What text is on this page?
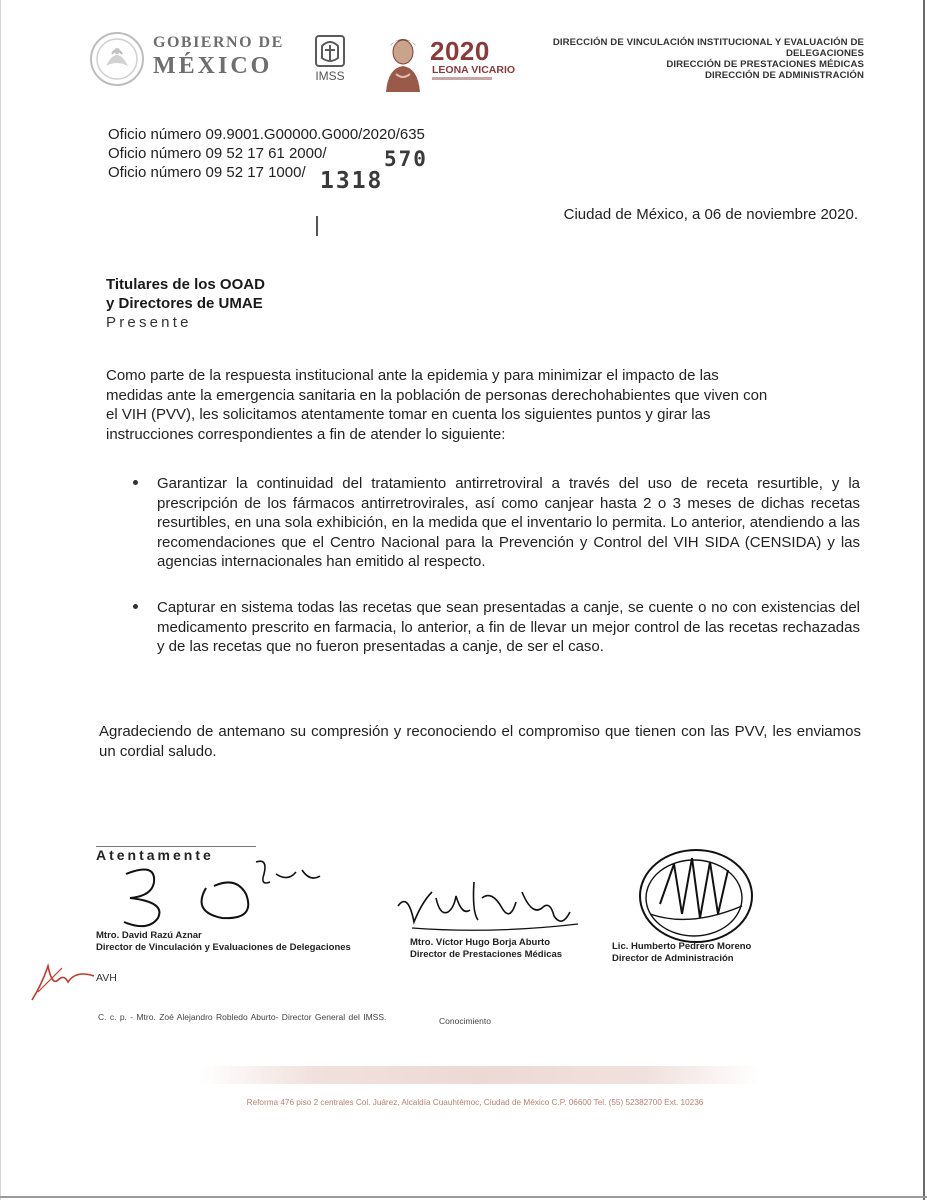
GOBIERNO DE
MÉXICO	IMSS
2020
LEONA VICARIO
DIRECCIÓN DE VINCULACIÓN INSTITUCIONAL Y EVALUACIÓN DE DELEGACIONES
DIRECCIÓN DE PRESTACIONES MÉDICAS
DIRECCIÓN DE ADMINISTRACIÓN
Oficio número 09.9001.G00000.G000/2020/635
Oficio número 09 52 17 61 2000/
Oficio número 09 52 17 1000/
570
1318
Ciudad de México, a 06 de noviembre 2020.
Titulares de los OOAD
y Directores de UMAE
Presente
Como parte de la respuesta institucional ante la epidemia y para minimizar el impacto de las
medidas ante la emergencia sanitaria en la población de personas derechohabientes que viven con
el VIH (PVV), les solicitamos atentamente tomar en cuenta los siguientes puntos y girar las
instrucciones correspondientes a fin de atender lo siguiente:
Garantizar la continuidad del tratamiento antirretroviral a través del uso de receta resurtible, y la prescripción de los fármacos antirretrovirales, así como canjear hasta 2 o 3 meses de dichas recetas resurtibles, en una sola exhibición, en la medida que el inventario lo permita. Lo anterior, atendiendo a las recomendaciones que el Centro Nacional para la Prevención y Control del VIH SIDA (CENSIDA) y las agencias internacionales han emitido al respecto.
Capturar en sistema todas las recetas que sean presentadas a canje, se cuente o no con existencias del medicamento prescrito en farmacia, lo anterior, a fin de llevar un mejor control de las recetas rechazadas y de las recetas que no fueron presentadas a canje, de ser el caso.
Agradeciendo de antemano su compresión y reconociendo el compromiso que tienen con las PVV, les enviamos un cordial saludo.
Atentamente
Mtro. David Razú Aznar
Director de Vinculación y Evaluaciones de Delegaciones	Mtro. Víctor Hugo Borja Aburto
Director de Prestaciones Médicas
Lic. Humberto Pedrero Moreno
Director de Administración
AVH
C. c. p. - Mtro. Zoé Alejandro Robledo Aburto- Director General del IMSS.	Conocimiento
Reforma 476 piso 2 centrales Col. Juárez, Alcaldía Cuauhtémoc, Ciudad de México C.P. 06600 Tel. (55) 52382700 Ext. 10236
